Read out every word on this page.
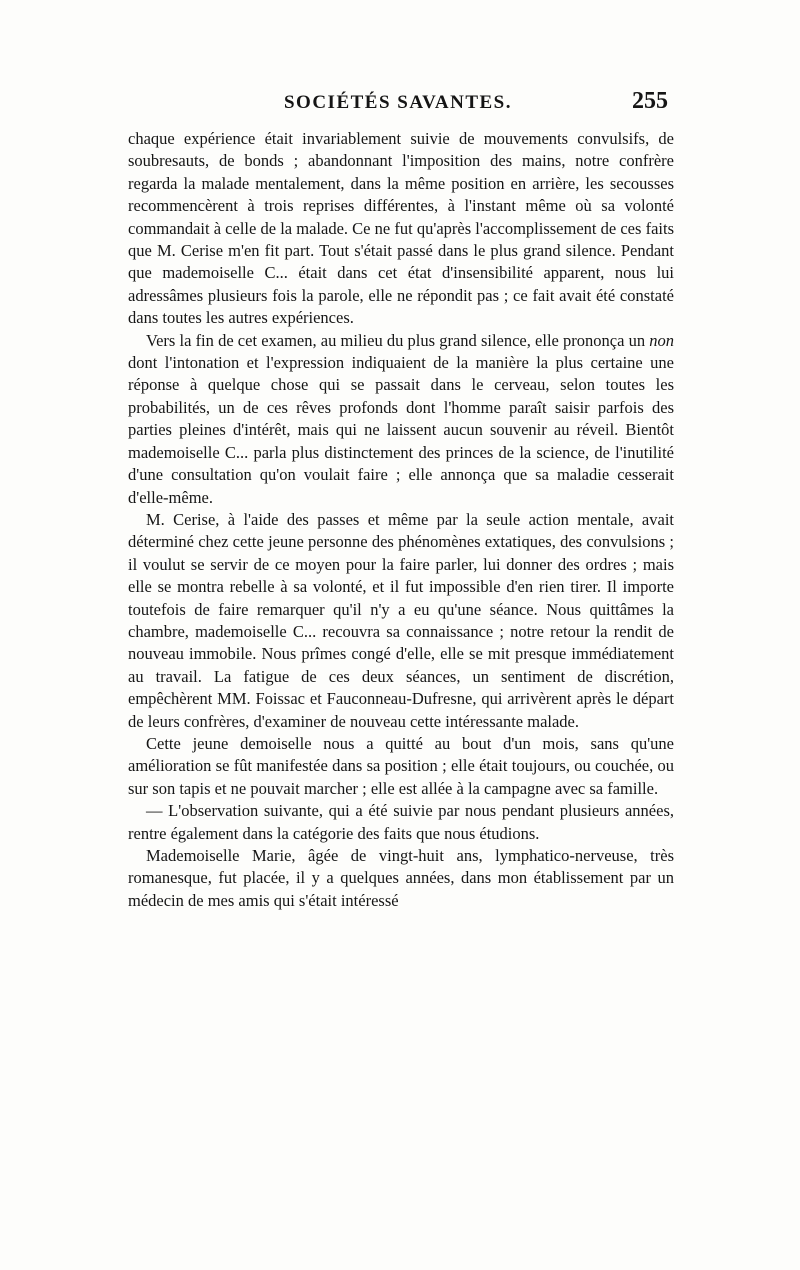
SOCIÉTÉS SAVANTES.	255

chaque expérience était invariablement suivie de mouvements convulsifs, de soubresauts, de bonds ; abandonnant l'imposition des mains, notre confrère regarda la malade mentalement, dans la même position en arrière, les secousses recommencèrent à trois reprises différentes, à l'instant même où sa volonté commandait à celle de la malade. Ce ne fut qu'après l'accomplissement de ces faits que M. Cerise m'en fit part. Tout s'était passé dans le plus grand silence. Pendant que mademoiselle C... était dans cet état d'insensibilité apparent, nous lui adressâmes plusieurs fois la parole, elle ne répondit pas ; ce fait avait été constaté dans toutes les autres expériences.

Vers la fin de cet examen, au milieu du plus grand silence, elle prononça un non dont l'intonation et l'expression indiquaient de la manière la plus certaine une réponse à quelque chose qui se passait dans le cerveau, selon toutes les probabilités, un de ces rêves profonds dont l'homme paraît saisir parfois des parties pleines d'intérêt, mais qui ne laissent aucun souvenir au réveil. Bientôt mademoiselle C... parla plus distinctement des princes de la science, de l'inutilité d'une consultation qu'on voulait faire ; elle annonça que sa maladie cesserait d'elle-même.

M. Cerise, à l'aide des passes et même par la seule action mentale, avait déterminé chez cette jeune personne des phénomènes extatiques, des convulsions ; il voulut se servir de ce moyen pour la faire parler, lui donner des ordres ; mais elle se montra rebelle à sa volonté, et il fut impossible d'en rien tirer. Il importe toutefois de faire remarquer qu'il n'y a eu qu'une séance. Nous quittâmes la chambre, mademoiselle C... recouvra sa connaissance ; notre retour la rendit de nouveau immobile. Nous prîmes congé d'elle, elle se mit presque immédiatement au travail. La fatigue de ces deux séances, un sentiment de discrétion, empêchèrent MM. Foissac et Fauconneau-Dufresne, qui arrivèrent après le départ de leurs confrères, d'examiner de nouveau cette intéressante malade.

Cette jeune demoiselle nous a quitté au bout d'un mois, sans qu'une amélioration se fût manifestée dans sa position ; elle était toujours, ou couchée, ou sur son tapis et ne pouvait marcher ; elle est allée à la campagne avec sa famille.

— L'observation suivante, qui a été suivie par nous pendant plusieurs années, rentre également dans la catégorie des faits que nous étudions.

Mademoiselle Marie, âgée de vingt-huit ans, lymphatico-nerveuse, très romanesque, fut placée, il y a quelques années, dans mon établissement par un médecin de mes amis qui s'était intéressé
